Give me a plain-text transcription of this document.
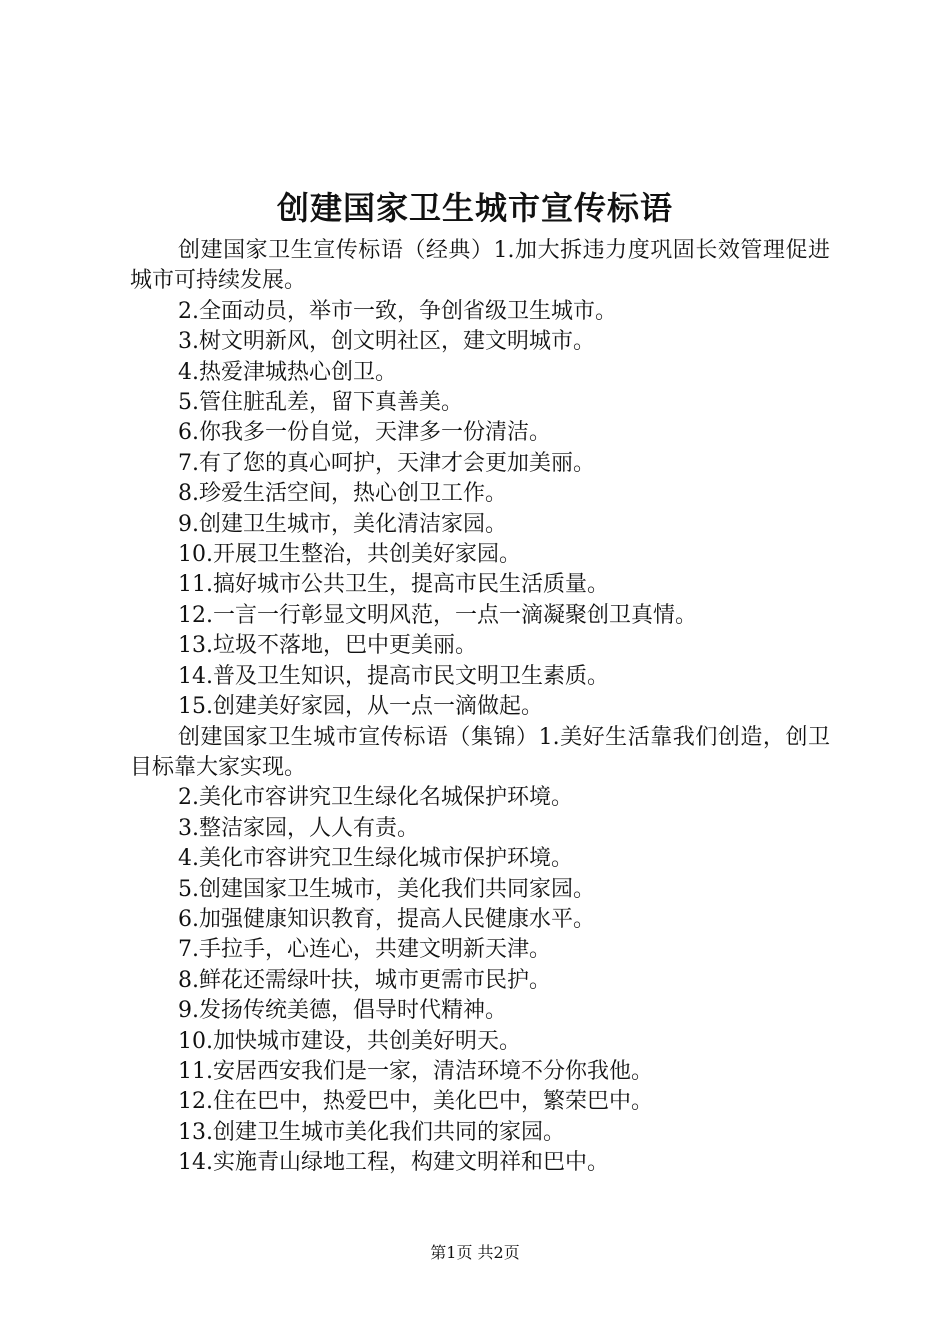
创建国家卫生城市宣传标语

创建国家卫生宣传标语（经典）1.加大拆违力度巩固长效管理促进城市可持续发展。

2.全面动员，举市一致，争创省级卫生城市。

3.树文明新风，创文明社区，建文明城市。

4.热爱津城热心创卫。

5.管住脏乱差，留下真善美。

6.你我多一份自觉，天津多一份清洁。

7.有了您的真心呵护，天津才会更加美丽。

8.珍爱生活空间，热心创卫工作。

9.创建卫生城市，美化清洁家园。

10.开展卫生整治，共创美好家园。

11.搞好城市公共卫生，提高市民生活质量。

12.一言一行彰显文明风范，一点一滴凝聚创卫真情。

13.垃圾不落地，巴中更美丽。

14.普及卫生知识，提高市民文明卫生素质。

15.创建美好家园，从一点一滴做起。

创建国家卫生城市宣传标语（集锦）1.美好生活靠我们创造，创卫目标靠大家实现。

2.美化市容讲究卫生绿化名城保护环境。

3.整洁家园，人人有责。

4.美化市容讲究卫生绿化城市保护环境。

5.创建国家卫生城市，美化我们共同家园。

6.加强健康知识教育，提高人民健康水平。

7.手拉手，心连心，共建文明新天津。

8.鲜花还需绿叶扶，城市更需市民护。

9.发扬传统美德，倡导时代精神。

10.加快城市建设，共创美好明天。

11.安居西安我们是一家，清洁环境不分你我他。

12.住在巴中，热爱巴中，美化巴中，繁荣巴中。

13.创建卫生城市美化我们共同的家园。

14.实施青山绿地工程，构建文明祥和巴中。

第1页 共2页
